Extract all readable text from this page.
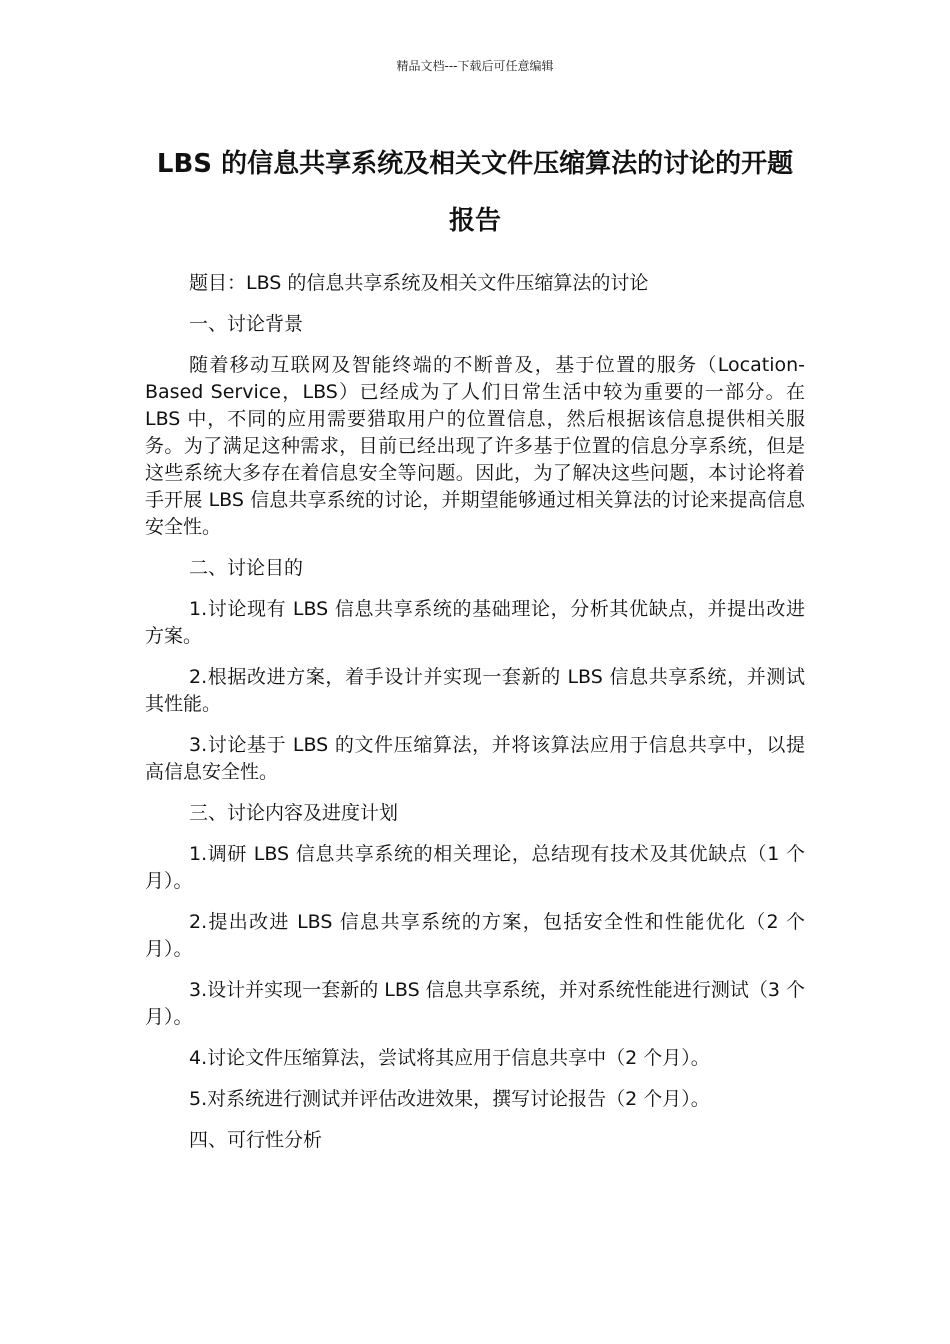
精品文档---下载后可任意编辑
LBS 的信息共享系统及相关文件压缩算法的讨论的开题报告

题目：LBS 的信息共享系统及相关文件压缩算法的讨论

一、讨论背景

随着移动互联网及智能终端的不断普及，基于位置的服务（Location-Based Service，LBS）已经成为了人们日常生活中较为重要的一部分。在 LBS 中，不同的应用需要猎取用户的位置信息，然后根据该信息提供相关服务。为了满足这种需求，目前已经出现了许多基于位置的信息分享系统，但是这些系统大多存在着信息安全等问题。因此，为了解决这些问题，本讨论将着手开展 LBS 信息共享系统的讨论，并期望能够通过相关算法的讨论来提高信息安全性。

二、讨论目的

1.讨论现有 LBS 信息共享系统的基础理论，分析其优缺点，并提出改进方案。

2.根据改进方案，着手设计并实现一套新的 LBS 信息共享系统，并测试其性能。

3.讨论基于 LBS 的文件压缩算法，并将该算法应用于信息共享中，以提高信息安全性。

三、讨论内容及进度计划

1.调研 LBS 信息共享系统的相关理论，总结现有技术及其优缺点（1 个月）。

2.提出改进 LBS 信息共享系统的方案，包括安全性和性能优化（2 个月）。

3.设计并实现一套新的 LBS 信息共享系统，并对系统性能进行测试（3 个月）。

4.讨论文件压缩算法，尝试将其应用于信息共享中（2 个月）。

5.对系统进行测试并评估改进效果，撰写讨论报告（2 个月）。

四、可行性分析
